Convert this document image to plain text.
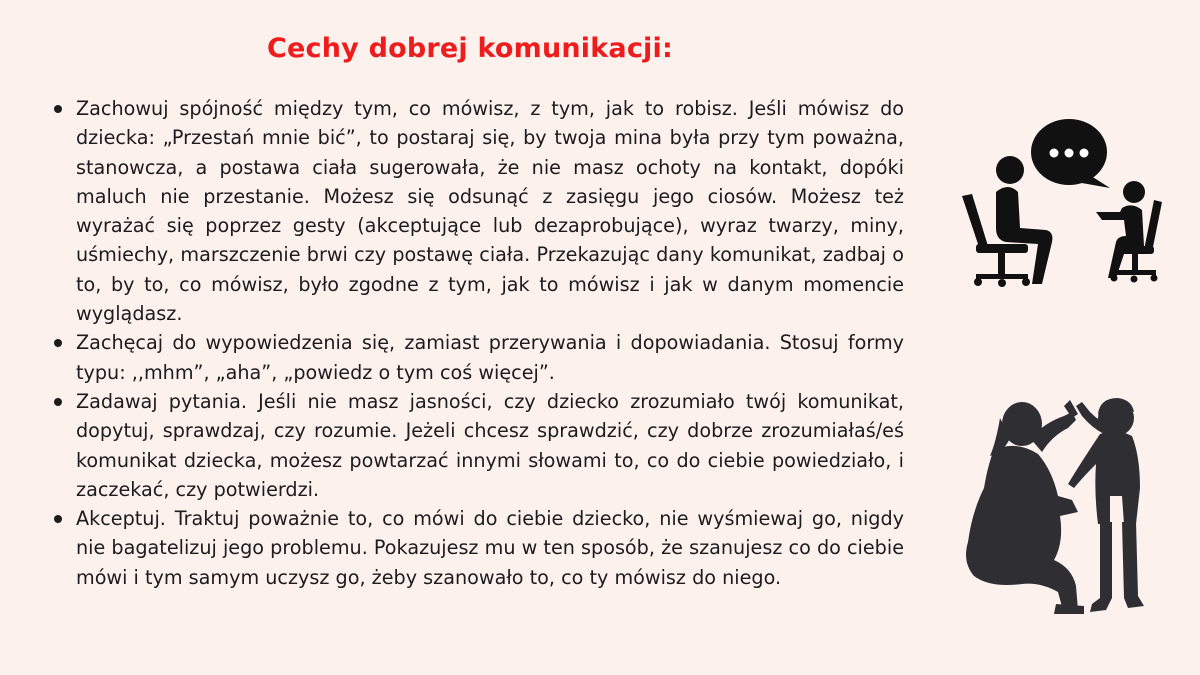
Cechy dobrej komunikacji:
Zachowuj spójność między tym, co mówisz, z tym, jak to robisz. Jeśli mówisz do dziecka: „Przestań mnie bić”, to postaraj się, by twoja mina była przy tym poważna, stanowcza, a postawa ciała sugerowała, że nie masz ochoty na kontakt, dopóki maluch nie przestanie. Możesz się odsunąć z zasięgu jego ciosów. Możesz też wyrażać się poprzez gesty (akceptujące lub dezaprobujące), wyraz twarzy, miny, uśmiechy, marszczenie brwi czy postawę ciała. Przekazując dany komunikat, zadbaj o to, by to, co mówisz, było zgodne z tym, jak to mówisz i jak w danym momencie wyglądasz.
Zachęcaj do wypowiedzenia się, zamiast przerywania i dopowiadania. Stosuj formy typu: ,,mhm”, „aha”, „powiedz o tym coś więcej”.
Zadawaj pytania. Jeśli nie masz jasności, czy dziecko zrozumiało twój komunikat, dopytuj, sprawdzaj, czy rozumie. Jeżeli chcesz sprawdzić, czy dobrze zrozumiałaś/eś komunikat dziecka, możesz powtarzać innymi słowami to, co do ciebie powiedziało, i zaczekać, czy potwierdzi.
Akceptuj. Traktuj poważnie to, co mówi do ciebie dziecko, nie wyśmiewaj go, nigdy nie bagatelizuj jego problemu. Pokazujesz mu w ten sposób, że szanujesz co do ciebie mówi i tym samym uczysz go, żeby szanowało to, co ty mówisz do niego.
